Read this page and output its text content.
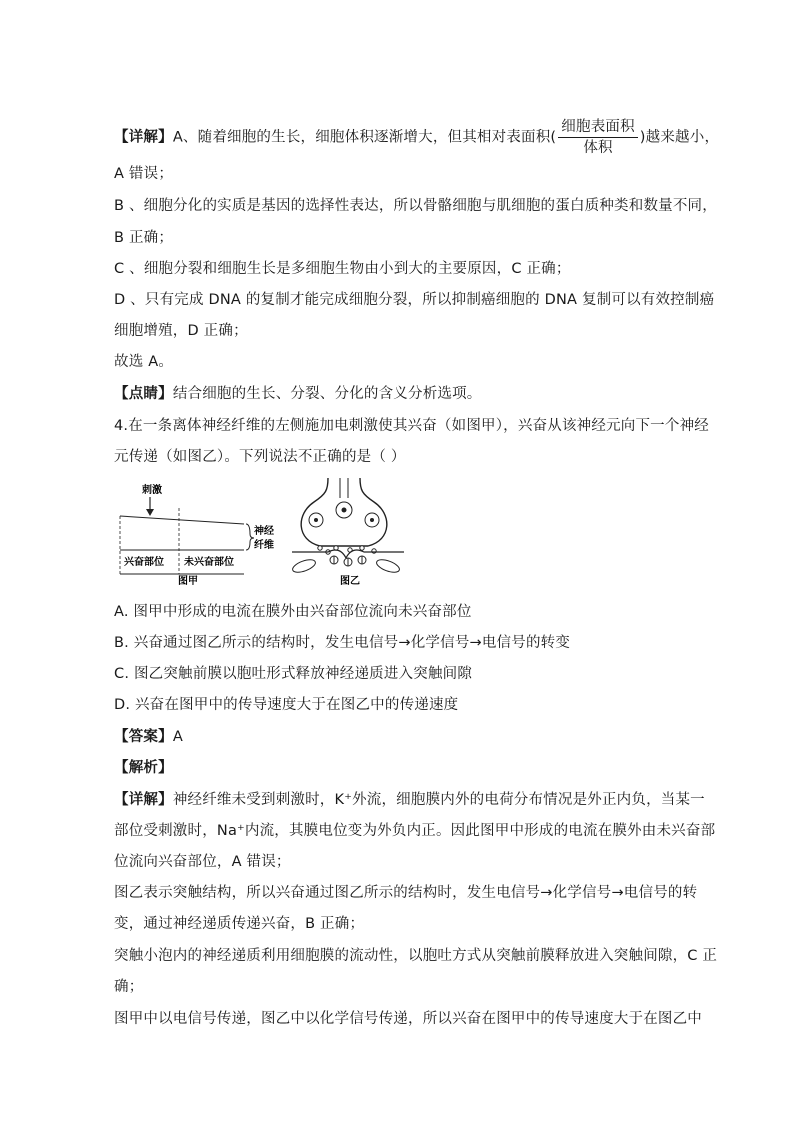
【详解】A、随着细胞的生长，细胞体积逐渐增大，但其相对表面积( $\frac{\text{细胞表面积}}{\text{体积}}$ )越来越小，
A 错误；
B 、细胞分化的实质是基因的选择性表达，所以骨骼细胞与肌细胞的蛋白质种类和数量不同，
B 正确；
C 、细胞分裂和细胞生长是多细胞生物由小到大的主要原因，C 正确；
D 、只有完成 DNA 的复制才能完成细胞分裂，所以抑制癌细胞的 DNA 复制可以有效控制癌
细胞增殖，D 正确；
故选 A。
【点睛】结合细胞的生长、分裂、分化的含义分析选项。
4.在一条离体神经纤维的左侧施加电刺激使其兴奋（如图甲），兴奋从该神经元向下一个神经
元传递（如图乙）。下列说法不正确的是（ ）
刺激
神经
纤维
兴奋部位 未兴奋部位
图甲	图乙
A. 图甲中形成的电流在膜外由兴奋部位流向未兴奋部位
B. 兴奋通过图乙所示的结构时，发生电信号→化学信号→电信号的转变
C. 图乙突触前膜以胞吐形式释放神经递质进入突触间隙
D. 兴奋在图甲中的传导速度大于在图乙中的传递速度
【答案】A
【解析】
【详解】神经纤维未受到刺激时，K⁺外流，细胞膜内外的电荷分布情况是外正内负，当某一
部位受刺激时，Na⁺内流，其膜电位变为外负内正。因此图甲中形成的电流在膜外由未兴奋部
位流向兴奋部位，A 错误；
图乙表示突触结构，所以兴奋通过图乙所示的结构时，发生电信号→化学信号→电信号的转
变，通过神经递质传递兴奋，B 正确；
突触小泡内的神经递质利用细胞膜的流动性，以胞吐方式从突触前膜释放进入突触间隙，C 正
确；
图甲中以电信号传递，图乙中以化学信号传递，所以兴奋在图甲中的传导速度大于在图乙中
